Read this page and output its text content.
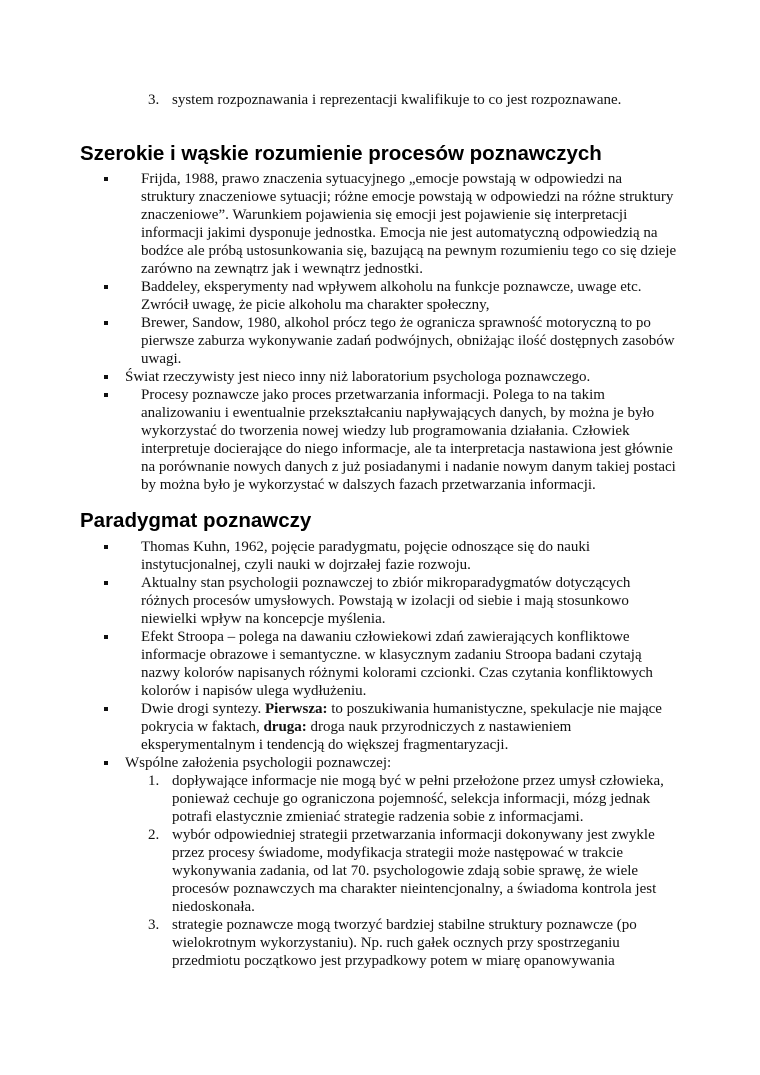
3. system rozpoznawania i reprezentacji kwalifikuje to co jest rozpoznawane.
Szerokie i wąskie rozumienie procesów poznawczych
Frijda, 1988, prawo znaczenia sytuacyjnego „emocje powstają w odpowiedzi na struktury znaczeniowe sytuacji; różne emocje powstają w odpowiedzi na różne struktury znaczeniowe”. Warunkiem pojawienia się emocji jest pojawienie się interpretacji informacji jakimi dysponuje jednostka. Emocja nie jest automatyczną odpowiedzią na bodźce ale próbą ustosunkowania się, bazującą na pewnym rozumieniu tego co się dzieje zarówno na zewnątrz jak i wewnątrz jednostki.
Baddeley, eksperymenty nad wpływem alkoholu na funkcje poznawcze, uwage etc. Zwrócił uwagę, że picie alkoholu ma charakter społeczny,
Brewer, Sandow, 1980, alkohol prócz tego że ogranicza sprawność motoryczną to po pierwsze zaburza wykonywanie zadań podwójnych, obniżając ilość dostępnych zasobów uwagi.
Świat rzeczywisty jest nieco inny niż laboratorium psychologa poznawczego.
Procesy poznawcze jako proces przetwarzania informacji. Polega to na takim analizowaniu i ewentualnie przekształcaniu napływających danych, by można je było wykorzystać do tworzenia nowej wiedzy lub programowania działania. Człowiek interpretuje docierające do niego informacje, ale ta interpretacja nastawiona jest głównie na porównanie nowych danych z już posiadanymi i nadanie nowym danym takiej postaci by można było je wykorzystać w dalszych fazach przetwarzania informacji.
Paradygmat poznawczy
Thomas Kuhn, 1962, pojęcie paradygmatu, pojęcie odnoszące się do nauki instytucjonalnej, czyli nauki w dojrzałej fazie rozwoju.
Aktualny stan psychologii poznawczej to zbiór mikroparadygmatów dotyczących różnych procesów umysłowych. Powstają w izolacji od siebie i mają stosunkowo niewielki wpływ na koncepcje myślenia.
Efekt Stroopa – polega na dawaniu człowiekowi zdań zawierających konfliktowe informacje obrazowe i semantyczne. w klasycznym zadaniu Stroopa badani czytają nazwy kolorów napisanych różnymi kolorami czcionki. Czas czytania konfliktowych kolorów i napisów ulega wydłużeniu.
Dwie drogi syntezy. Pierwsza: to poszukiwania humanistyczne, spekulacje nie mające pokrycia w faktach, druga: droga nauk przyrodniczych z nastawieniem eksperymentalnym i tendencją do większej fragmentaryzacji.
Wspólne założenia psychologii poznawczej:
1. dopływające informacje nie mogą być w pełni przełożone przez umysł człowieka, ponieważ cechuje go ograniczona pojemność, selekcja informacji, mózg jednak potrafi elastycznie zmieniać strategie radzenia sobie z informacjami.
2. wybór odpowiedniej strategii przetwarzania informacji dokonywany jest zwykle przez procesy świadome, modyfikacja strategii może następować w trakcie wykonywania zadania, od lat 70. psychologowie zdają sobie sprawę, że wiele procesów poznawczych ma charakter nieintencjonalny, a świadoma kontrola jest niedoskonała.
3. strategie poznawcze mogą tworzyć bardziej stabilne struktury poznawcze (po wielokrotnym wykorzystaniu). Np. ruch gałek ocznych przy spostrzeganiu przedmiotu początkowo jest przypadkowy potem w miarę opanowywania
